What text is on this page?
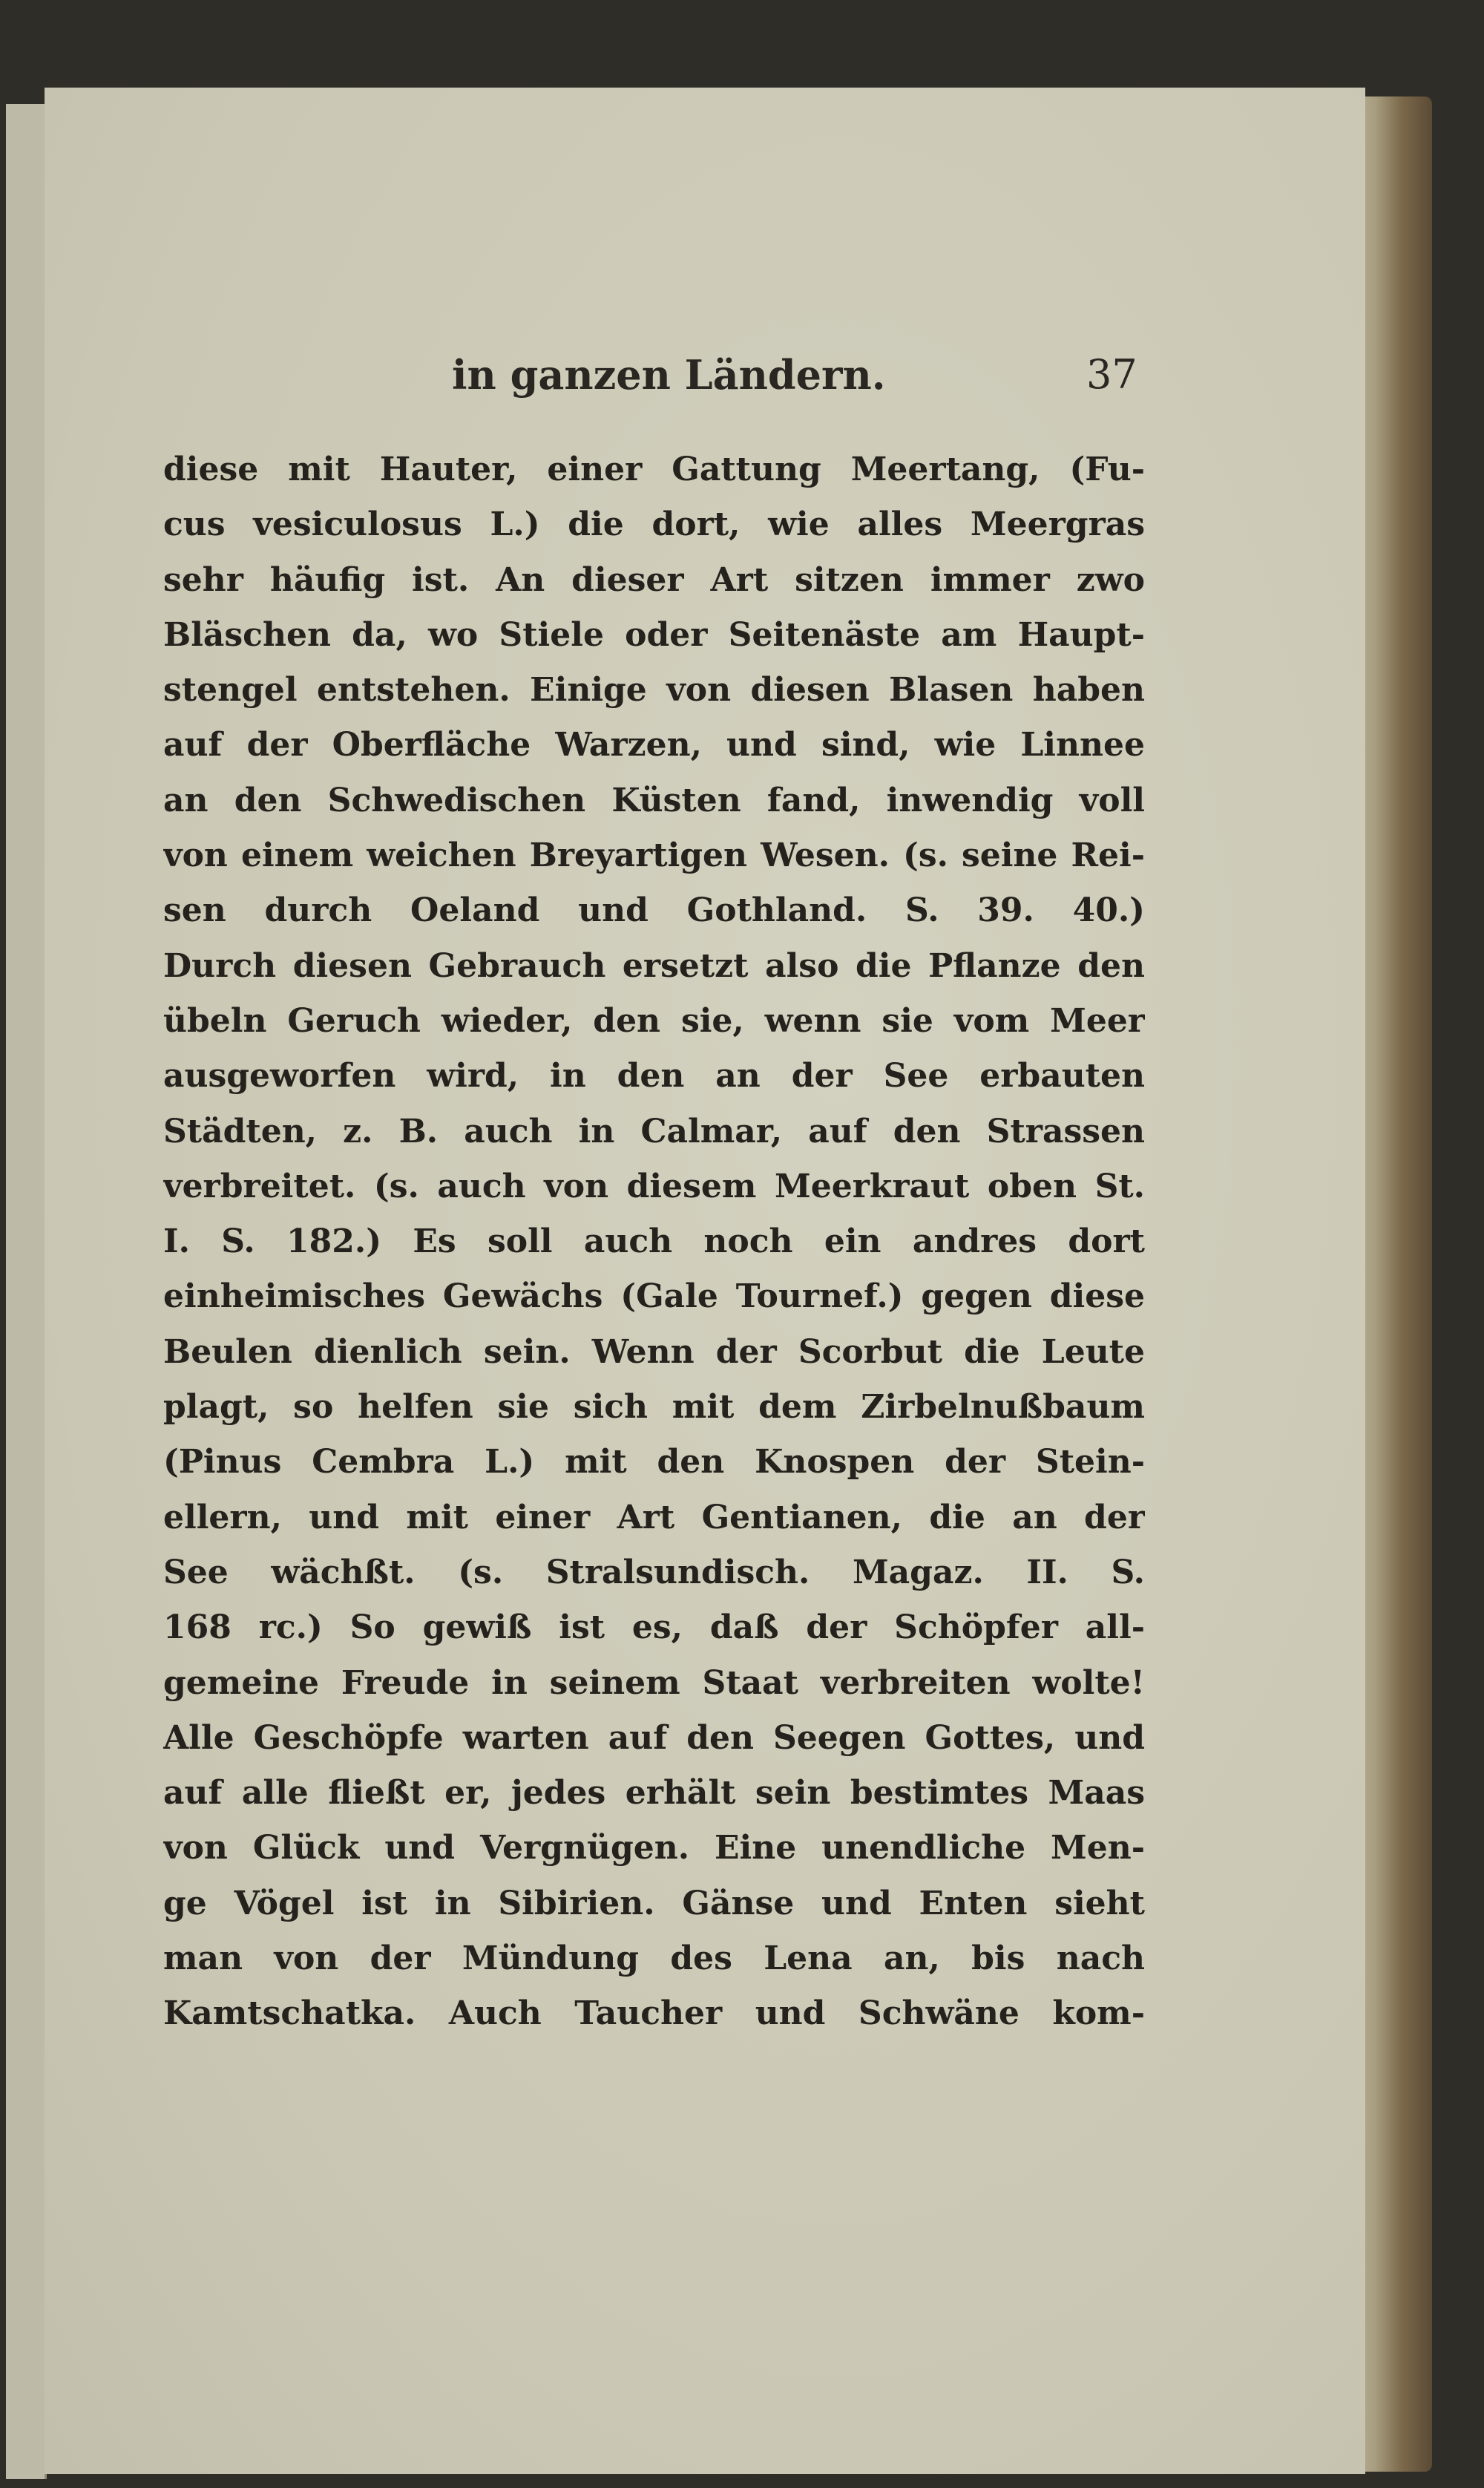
in ganzen Ländern.	37
diese mit Hauter, einer Gattung Meertang, (Fu-
cus vesiculosus L.) die dort, wie alles Meergras
sehr häufig ist. An dieser Art sitzen immer zwo
Bläschen da, wo Stiele oder Seitenäste am Haupt-
stengel entstehen. Einige von diesen Blasen haben
auf der Oberfläche Warzen, und sind, wie Linnee
an den Schwedischen Küsten fand, inwendig voll
von einem weichen Breyartigen Wesen. (s. seine Rei-
sen durch Oeland und Gothland. S. 39. 40.)
Durch diesen Gebrauch ersetzt also die Pflanze den
übeln Geruch wieder, den sie, wenn sie vom Meer
ausgeworfen wird, in den an der See erbauten
Städten, z. B. auch in Calmar, auf den Strassen
verbreitet. (s. auch von diesem Meerkraut oben St.
I. S. 182.) Es soll auch noch ein andres dort
einheimisches Gewächs (Gale Tournef.) gegen diese
Beulen dienlich sein. Wenn der Scorbut die Leute
plagt, so helfen sie sich mit dem Zirbelnußbaum
(Pinus Cembra L.) mit den Knospen der Stein-
ellern, und mit einer Art Gentianen, die an der
See wächßt. (s. Stralsundisch. Magaz. II. S.
168 rc.) So gewiß ist es, daß der Schöpfer all-
gemeine Freude in seinem Staat verbreiten wolte!
Alle Geschöpfe warten auf den Seegen Gottes, und
auf alle fließt er, jedes erhält sein bestimtes Maas
von Glück und Vergnügen. Eine unendliche Men-
ge Vögel ist in Sibirien. Gänse und Enten sieht
man von der Mündung des Lena an, bis nach
Kamtschatka. Auch Taucher und Schwäne kom-
